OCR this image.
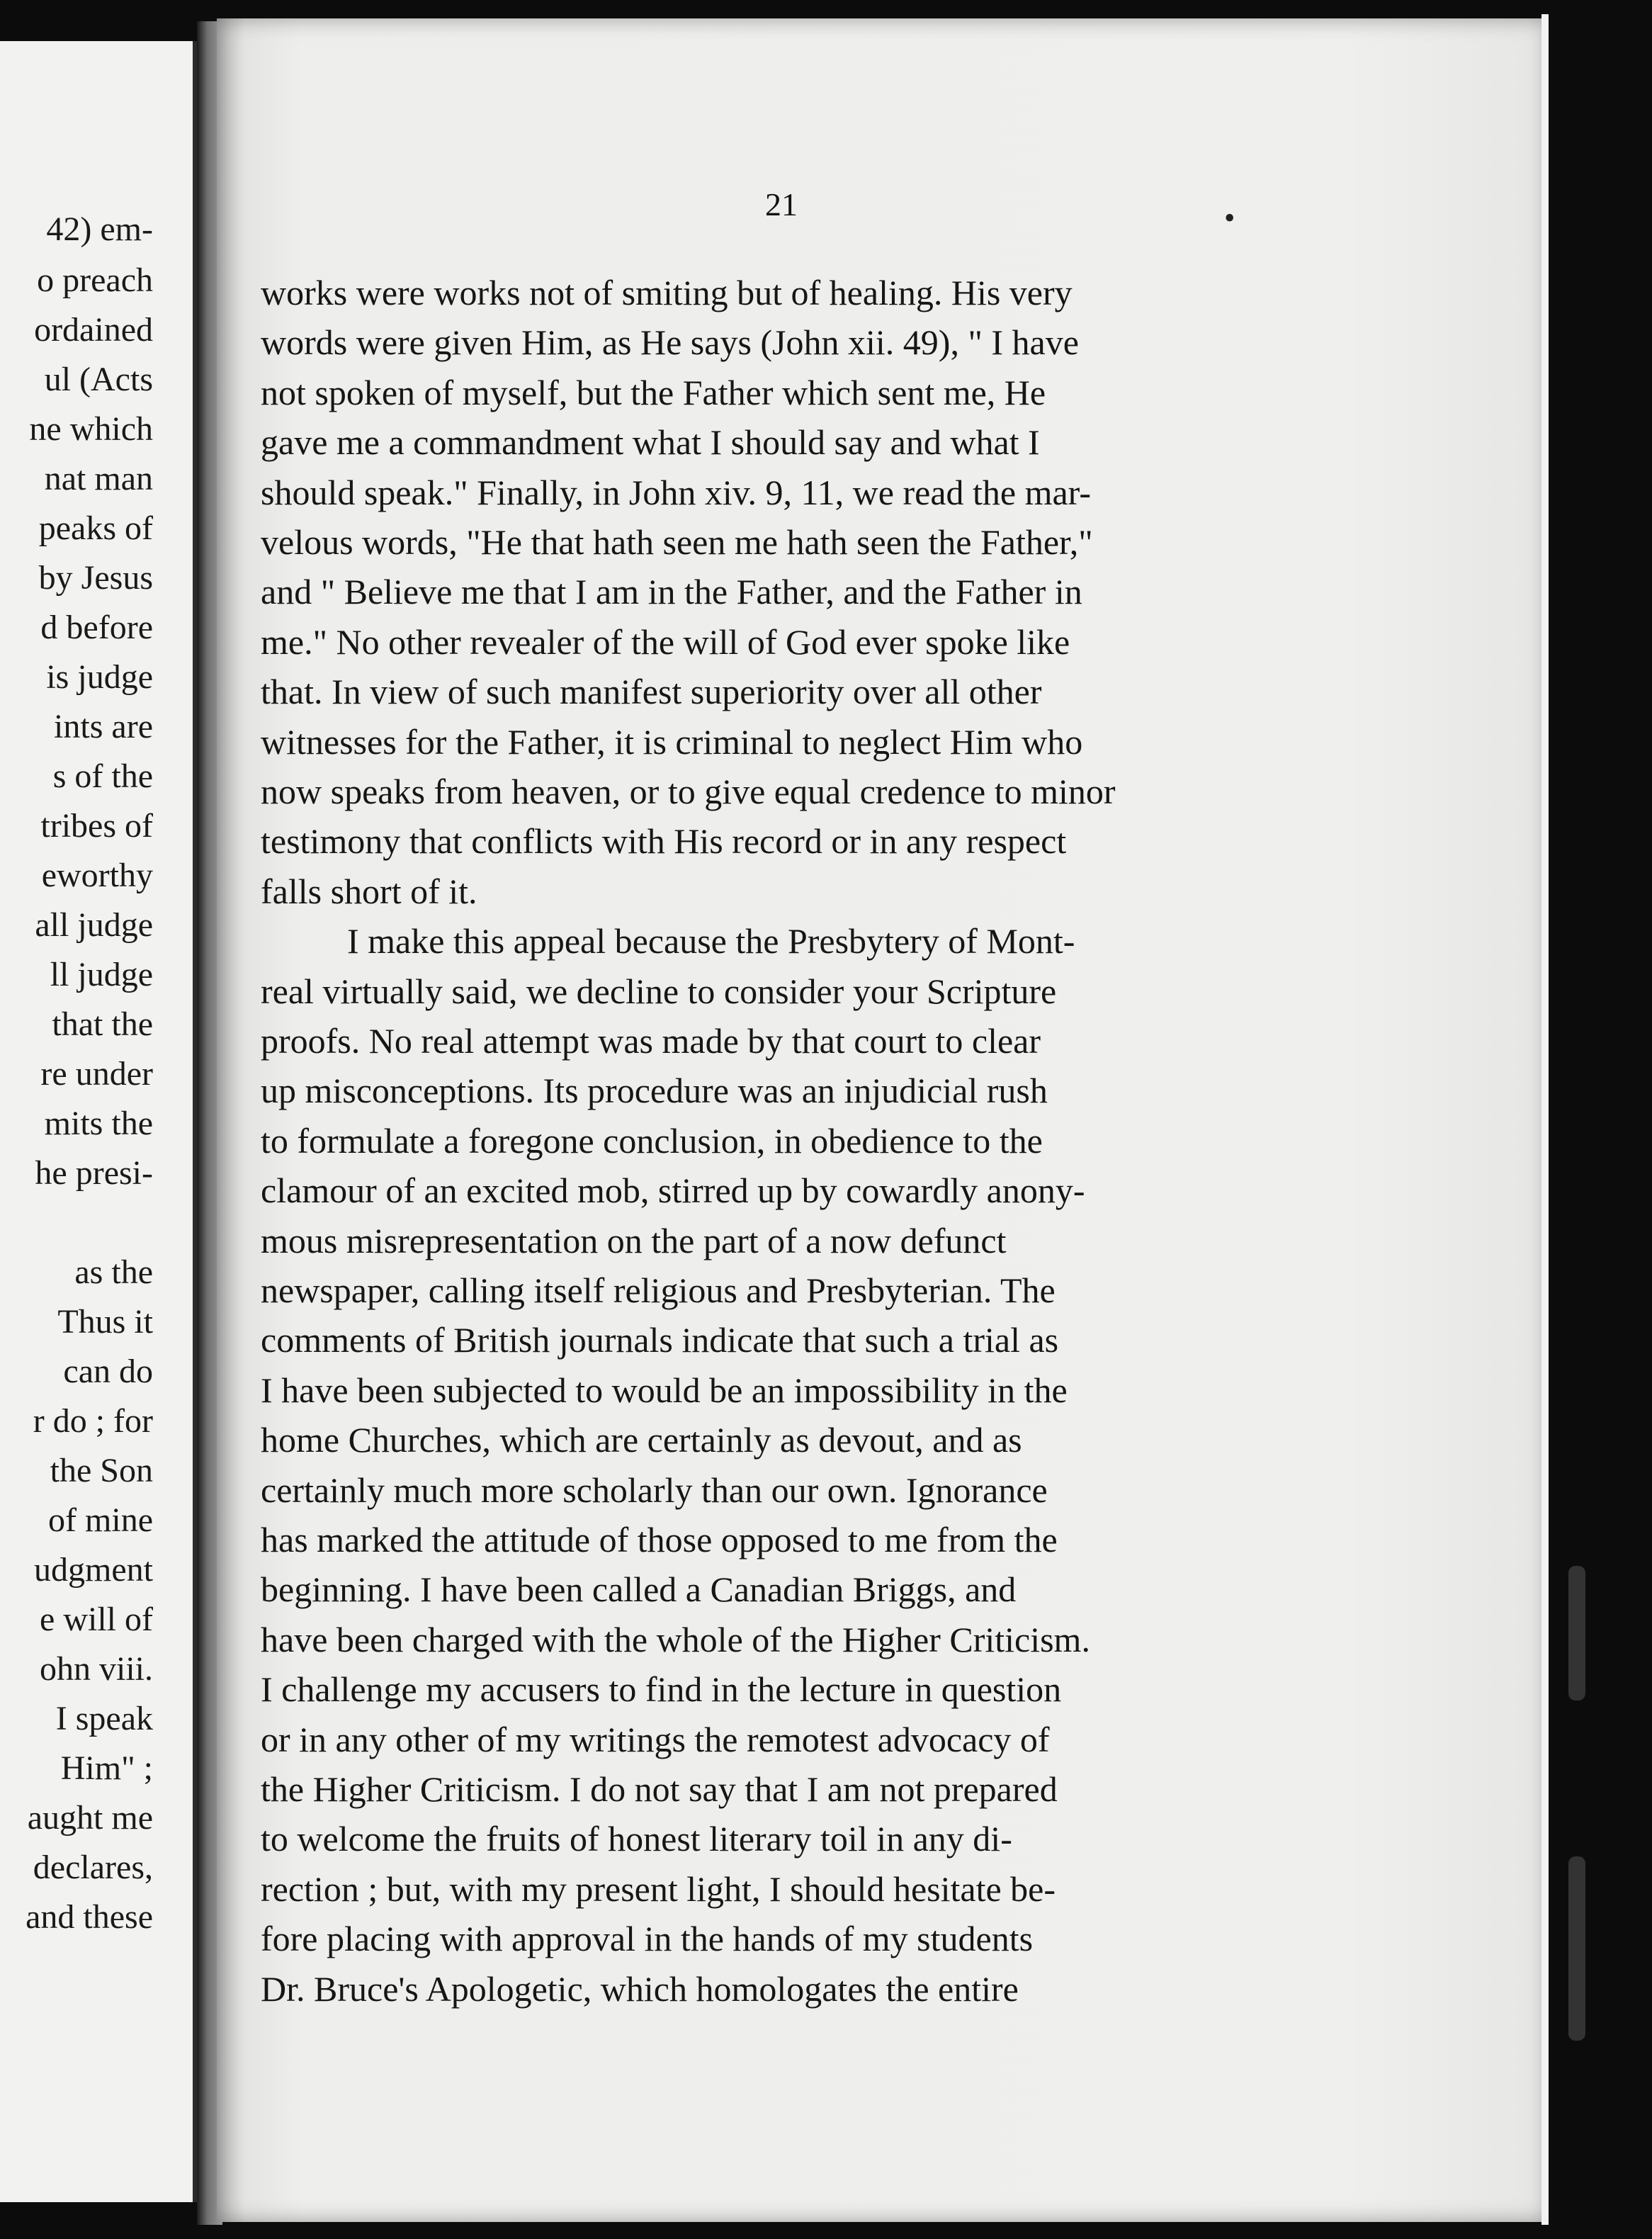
42) em-
o preach
ordained
ul (Acts
ne which
nat man
peaks of
by Jesus
d before
is judge
ints are
s of the
tribes of
eworthy
all judge
ll judge
that the
re under
mits the
he presi-
as the
Thus it
can do
r do ; for
the Son
of mine
udgment
e will of
ohn viii.
I speak
Him" ;
aught me
declares,
and these
21
works were works not of smiting but of healing. His very
words were given Him, as He says (John xii. 49), " I have
not spoken of myself, but the Father which sent me, He
gave me a commandment what I should say and what I
should speak." Finally, in John xiv. 9, 11, we read the mar-
velous words, "He that hath seen me hath seen the Father,"
and " Believe me that I am in the Father, and the Father in
me." No other revealer of the will of God ever spoke like
that. In view of such manifest superiority over all other
witnesses for the Father, it is criminal to neglect Him who
now speaks from heaven, or to give equal credence to minor
testimony that conflicts with His record or in any respect
falls short of it.
I make this appeal because the Presbytery of Mont-
real virtually said, we decline to consider your Scripture
proofs. No real attempt was made by that court to clear
up misconceptions. Its procedure was an injudicial rush
to formulate a foregone conclusion, in obedience to the
clamour of an excited mob, stirred up by cowardly anony-
mous misrepresentation on the part of a now defunct
newspaper, calling itself religious and Presbyterian. The
comments of British journals indicate that such a trial as
I have been subjected to would be an impossibility in the
home Churches, which are certainly as devout, and as
certainly much more scholarly than our own. Ignorance
has marked the attitude of those opposed to me from the
beginning. I have been called a Canadian Briggs, and
have been charged with the whole of the Higher Criticism.
I challenge my accusers to find in the lecture in question
or in any other of my writings the remotest advocacy of
the Higher Criticism. I do not say that I am not prepared
to welcome the fruits of honest literary toil in any di-
rection ; but, with my present light, I should hesitate be-
fore placing with approval in the hands of my students
Dr. Bruce's Apologetic, which homologates the entire
•
